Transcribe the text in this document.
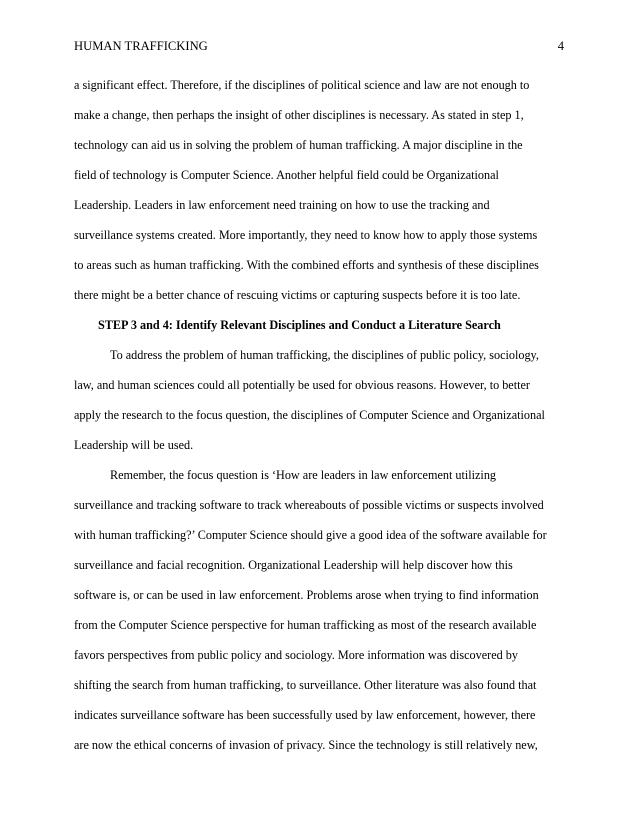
HUMAN TRAFFICKING	4
a significant effect. Therefore, if the disciplines of political science and law are not enough to
make a change, then perhaps the insight of other disciplines is necessary. As stated in step 1,
technology can aid us in solving the problem of human trafficking. A major discipline in the
field of technology is Computer Science. Another helpful field could be Organizational
Leadership. Leaders in law enforcement need training on how to use the tracking and
surveillance systems created. More importantly, they need to know how to apply those systems
to areas such as human trafficking. With the combined efforts and synthesis of these disciplines
there might be a better chance of rescuing victims or capturing suspects before it is too late.
STEP 3 and 4: Identify Relevant Disciplines and Conduct a Literature Search
To address the problem of human trafficking, the disciplines of public policy, sociology,
law, and human sciences could all potentially be used for obvious reasons. However, to better
apply the research to the focus question, the disciplines of Computer Science and Organizational
Leadership will be used.
Remember, the focus question is ‘How are leaders in law enforcement utilizing
surveillance and tracking software to track whereabouts of possible victims or suspects involved
with human trafficking?’ Computer Science should give a good idea of the software available for
surveillance and facial recognition. Organizational Leadership will help discover how this
software is, or can be used in law enforcement. Problems arose when trying to find information
from the Computer Science perspective for human trafficking as most of the research available
favors perspectives from public policy and sociology. More information was discovered by
shifting the search from human trafficking, to surveillance. Other literature was also found that
indicates surveillance software has been successfully used by law enforcement, however, there
are now the ethical concerns of invasion of privacy. Since the technology is still relatively new,
